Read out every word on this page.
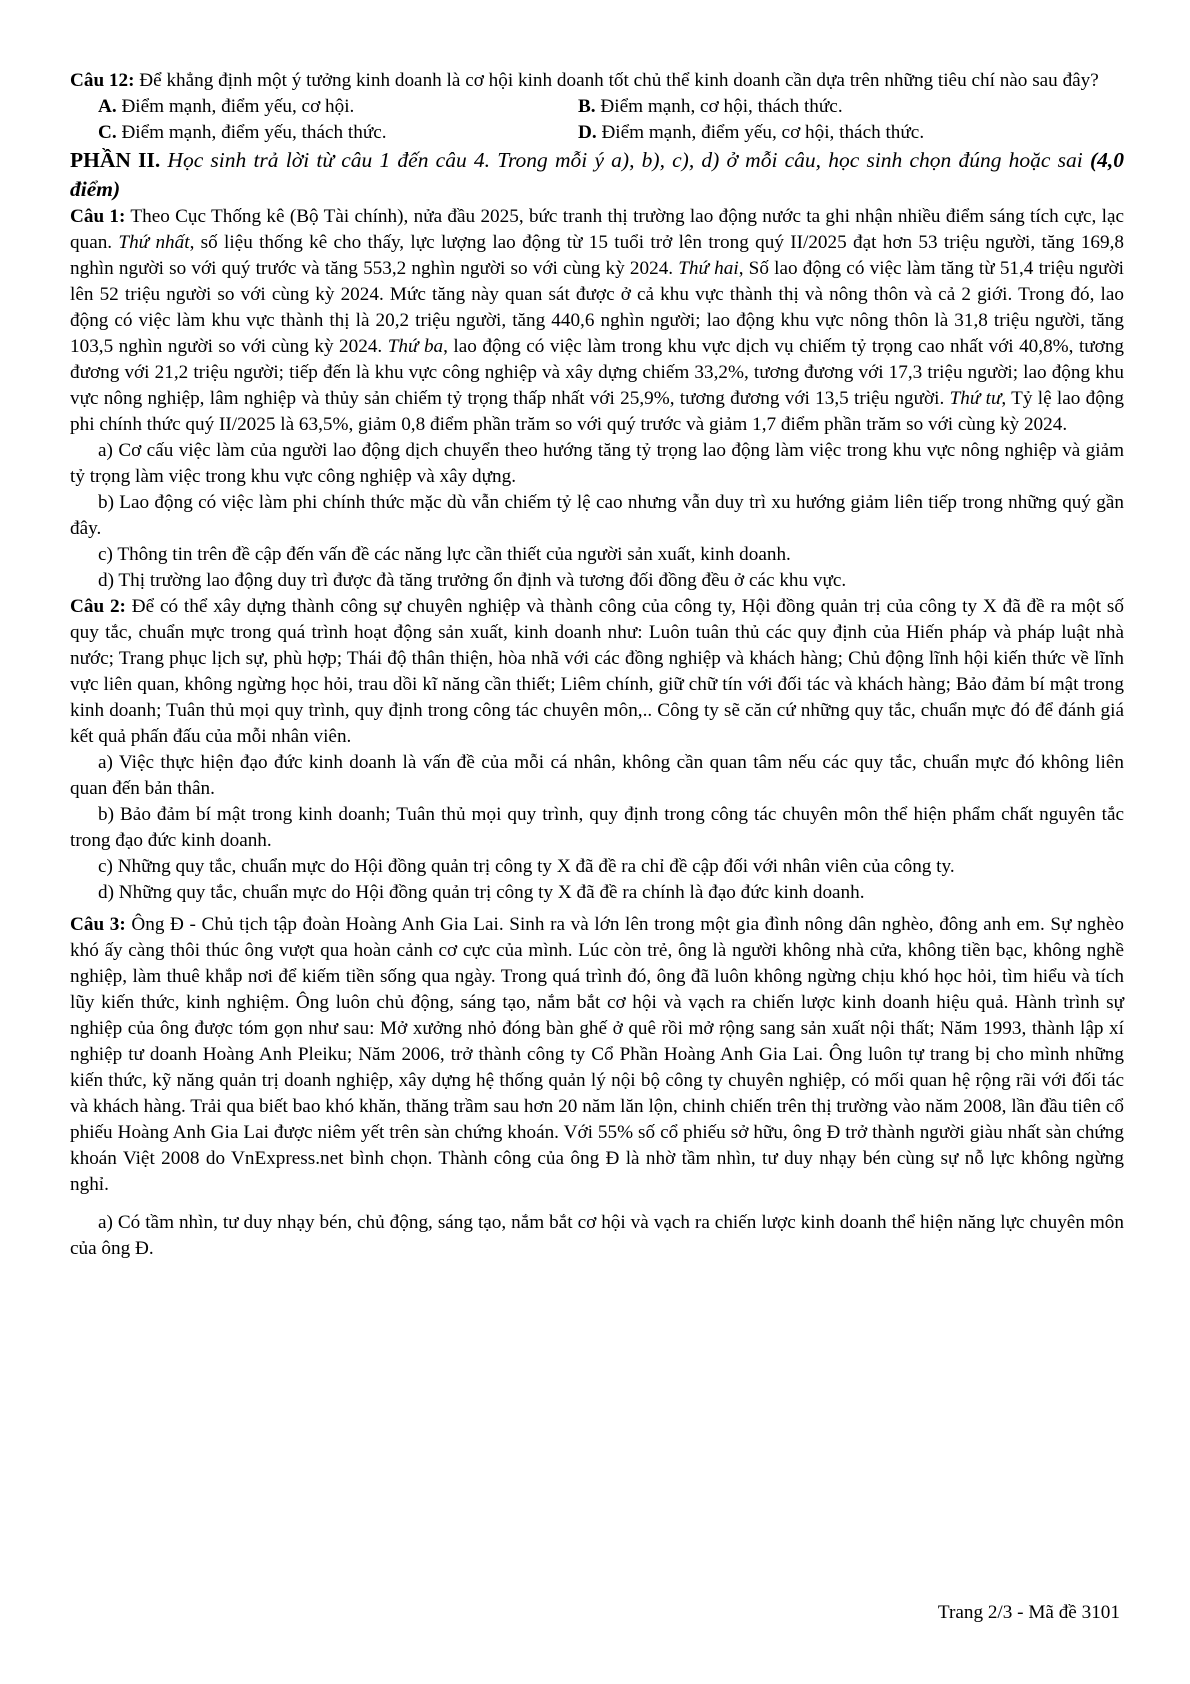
Câu 12: Để khẳng định một ý tưởng kinh doanh là cơ hội kinh doanh tốt chủ thể kinh doanh cần dựa trên những tiêu chí nào sau đây?

A. Điểm mạnh, điểm yếu, cơ hội.	B. Điểm mạnh, cơ hội, thách thức.
C. Điểm mạnh, điểm yếu, thách thức.	D. Điểm mạnh, điểm yếu, cơ hội, thách thức.

PHẦN II. Học sinh trả lời từ câu 1 đến câu 4. Trong mỗi ý a), b), c), d) ở mỗi câu, học sinh chọn đúng hoặc sai (4,0 điểm)

Câu 1: Theo Cục Thống kê (Bộ Tài chính), nửa đầu 2025, bức tranh thị trường lao động nước ta ghi nhận nhiều điểm sáng tích cực, lạc quan. Thứ nhất, số liệu thống kê cho thấy, lực lượng lao động từ 15 tuổi trở lên trong quý II/2025 đạt hơn 53 triệu người, tăng 169,8 nghìn người so với quý trước và tăng 553,2 nghìn người so với cùng kỳ 2024. Thứ hai, Số lao động có việc làm tăng từ 51,4 triệu người lên 52 triệu người so với cùng kỳ 2024. Mức tăng này quan sát được ở cả khu vực thành thị và nông thôn và cả 2 giới. Trong đó, lao động có việc làm khu vực thành thị là 20,2 triệu người, tăng 440,6 nghìn người; lao động khu vực nông thôn là 31,8 triệu người, tăng 103,5 nghìn người so với cùng kỳ 2024. Thứ ba, lao động có việc làm trong khu vực dịch vụ chiếm tỷ trọng cao nhất với 40,8%, tương đương với 21,2 triệu người; tiếp đến là khu vực công nghiệp và xây dựng chiếm 33,2%, tương đương với 17,3 triệu người; lao động khu vực nông nghiệp, lâm nghiệp và thủy sản chiếm tỷ trọng thấp nhất với 25,9%, tương đương với 13,5 triệu người. Thứ tư, Tỷ lệ lao động phi chính thức quý II/2025 là 63,5%, giảm 0,8 điểm phần trăm so với quý trước và giảm 1,7 điểm phần trăm so với cùng kỳ 2024.

a) Cơ cấu việc làm của người lao động dịch chuyển theo hướng tăng tỷ trọng lao động làm việc trong khu vực nông nghiệp và giảm tỷ trọng làm việc trong khu vực công nghiệp và xây dựng.

b) Lao động có việc làm phi chính thức mặc dù vẫn chiếm tỷ lệ cao nhưng vẫn duy trì xu hướng giảm liên tiếp trong những quý gần đây.

c) Thông tin trên đề cập đến vấn đề các năng lực cần thiết của người sản xuất, kinh doanh.

d) Thị trường lao động duy trì được đà tăng trưởng ổn định và tương đối đồng đều ở các khu vực.

Câu 2: Để có thể xây dựng thành công sự chuyên nghiệp và thành công của công ty, Hội đồng quản trị của công ty X đã đề ra một số quy tắc, chuẩn mực trong quá trình hoạt động sản xuất, kinh doanh như: Luôn tuân thủ các quy định của Hiến pháp và pháp luật nhà nước; Trang phục lịch sự, phù hợp; Thái độ thân thiện, hòa nhã với các đồng nghiệp và khách hàng; Chủ động lĩnh hội kiến thức về lĩnh vực liên quan, không ngừng học hỏi, trau dồi kĩ năng cần thiết; Liêm chính, giữ chữ tín với đối tác và khách hàng; Bảo đảm bí mật trong kinh doanh; Tuân thủ mọi quy trình, quy định trong công tác chuyên môn,.. Công ty sẽ căn cứ những quy tắc, chuẩn mực đó để đánh giá kết quả phấn đấu của mỗi nhân viên.

a) Việc thực hiện đạo đức kinh doanh là vấn đề của mỗi cá nhân, không cần quan tâm nếu các quy tắc, chuẩn mực đó không liên quan đến bản thân.

b) Bảo đảm bí mật trong kinh doanh; Tuân thủ mọi quy trình, quy định trong công tác chuyên môn thể hiện phẩm chất nguyên tắc trong đạo đức kinh doanh.

c) Những quy tắc, chuẩn mực do Hội đồng quản trị công ty X đã đề ra chỉ đề cập đối với nhân viên của công ty.

d) Những quy tắc, chuẩn mực do Hội đồng quản trị công ty X đã đề ra chính là đạo đức kinh doanh.

Câu 3: Ông Đ - Chủ tịch tập đoàn Hoàng Anh Gia Lai. Sinh ra và lớn lên trong một gia đình nông dân nghèo, đông anh em. Sự nghèo khó ấy càng thôi thúc ông vượt qua hoàn cảnh cơ cực của mình. Lúc còn trẻ, ông là người không nhà cửa, không tiền bạc, không nghề nghiệp, làm thuê khắp nơi để kiếm tiền sống qua ngày. Trong quá trình đó, ông đã luôn không ngừng chịu khó học hỏi, tìm hiểu và tích lũy kiến thức, kinh nghiệm. Ông luôn chủ động, sáng tạo, nắm bắt cơ hội và vạch ra chiến lược kinh doanh hiệu quả. Hành trình sự nghiệp của ông được tóm gọn như sau: Mở xưởng nhỏ đóng bàn ghế ở quê rồi mở rộng sang sản xuất nội thất; Năm 1993, thành lập xí nghiệp tư doanh Hoàng Anh Pleiku; Năm 2006, trở thành công ty Cổ Phần Hoàng Anh Gia Lai. Ông luôn tự trang bị cho mình những kiến thức, kỹ năng quản trị doanh nghiệp, xây dựng hệ thống quản lý nội bộ công ty chuyên nghiệp, có mối quan hệ rộng rãi với đối tác và khách hàng. Trải qua biết bao khó khăn, thăng trầm sau hơn 20 năm lăn lộn, chinh chiến trên thị trường vào năm 2008, lần đầu tiên cổ phiếu Hoàng Anh Gia Lai được niêm yết trên sàn chứng khoán. Với 55% số cổ phiếu sở hữu, ông Đ trở thành người giàu nhất sàn chứng khoán Việt 2008 do VnExpress.net bình chọn. Thành công của ông Đ là nhờ tầm nhìn, tư duy nhạy bén cùng sự nỗ lực không ngừng nghỉ.

a) Có tầm nhìn, tư duy nhạy bén, chủ động, sáng tạo, nắm bắt cơ hội và vạch ra chiến lược kinh doanh thể hiện năng lực chuyên môn của ông Đ.

Trang 2/3 - Mã đề 3101
